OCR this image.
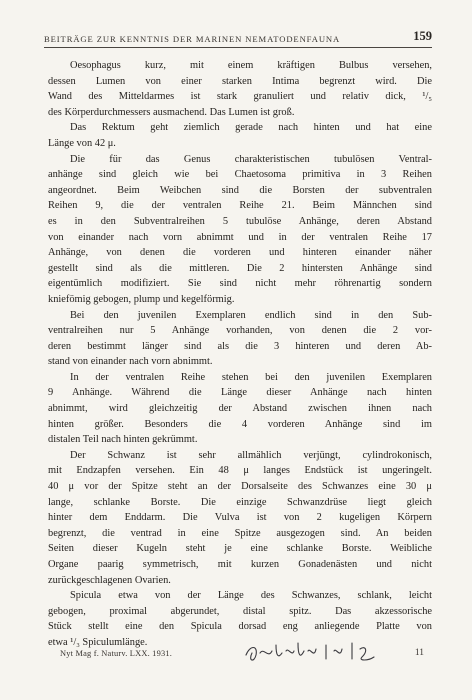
BEITRÄGE ZUR KENNTNIS DER MARINEN NEMATODENFAUNA	159
Oesophagus kurz, mit einem kräftigen Bulbus versehen,
dessen Lumen von einer starken Intima begrenzt wird. Die
Wand des Mitteldarmes ist stark granuliert und relativ dick, ¹/₅
des Körperdurchmessers ausmachend. Das Lumen ist groß.
Das Rektum geht ziemlich gerade nach hinten und hat eine
Länge von 42 μ.
Die für das Genus charakteristischen tubulösen Ventral-
anhänge sind gleich wie bei Chaetosoma primitiva in 3 Reihen
angeordnet. Beim Weibchen sind die Borsten der subventralen
Reihen 9, die der ventralen Reihe 21. Beim Männchen sind
es in den Subventralreihen 5 tubulöse Anhänge, deren Abstand
von einander nach vorn abnimmt und in der ventralen Reihe 17
Anhänge, von denen die vorderen und hinteren einander näher
gestellt sind als die mittleren. Die 2 hintersten Anhänge sind
eigentümlich modifiziert. Sie sind nicht mehr röhrenartig sondern
kniefömig gebogen, plump und kegelförmig.
Bei den juvenilen Exemplaren endlich sind in den Sub-
ventralreihen nur 5 Anhänge vorhanden, von denen die 2 vor-
deren bestimmt länger sind als die 3 hinteren und deren Ab-
stand von einander nach vorn abnimmt.
In der ventralen Reihe stehen bei den juvenilen Exemplaren
9 Anhänge. Während die Länge dieser Anhänge nach hinten
abnimmt, wird gleichzeitig der Abstand zwischen ihnen nach
hinten größer. Besonders die 4 vorderen Anhänge sind im
distalen Teil nach hinten gekrümmt.
Der Schwanz ist sehr allmählich verjüngt, cylindrokonisch,
mit Endzapfen versehen. Ein 48 μ langes Endstück ist ungeringelt.
40 μ vor der Spitze steht an der Dorsalseite des Schwanzes eine 30 μ
lange, schlanke Borste. Die einzige Schwanzdrüse liegt gleich
hinter dem Enddarm. Die Vulva ist von 2 kugeligen Körpern
begrenzt, die ventrad in eine Spitze ausgezogen sind. An beiden
Seiten dieser Kugeln steht je eine schlanke Borste. Weibliche
Organe paarig symmetrisch, mit kurzen Gonadenästen und nicht
zurückgeschlagenen Ovarien.
Spicula etwa von der Länge des Schwanzes, schlank, leicht
gebogen, proximal abgerundet, distal spitz. Das akzessorische
Stück stellt eine den Spicula dorsad eng anliegende Platte von
etwa ¹/₃ Spiculumlänge.
Nyt Mag f. Naturv. LXX. 1931.	11
